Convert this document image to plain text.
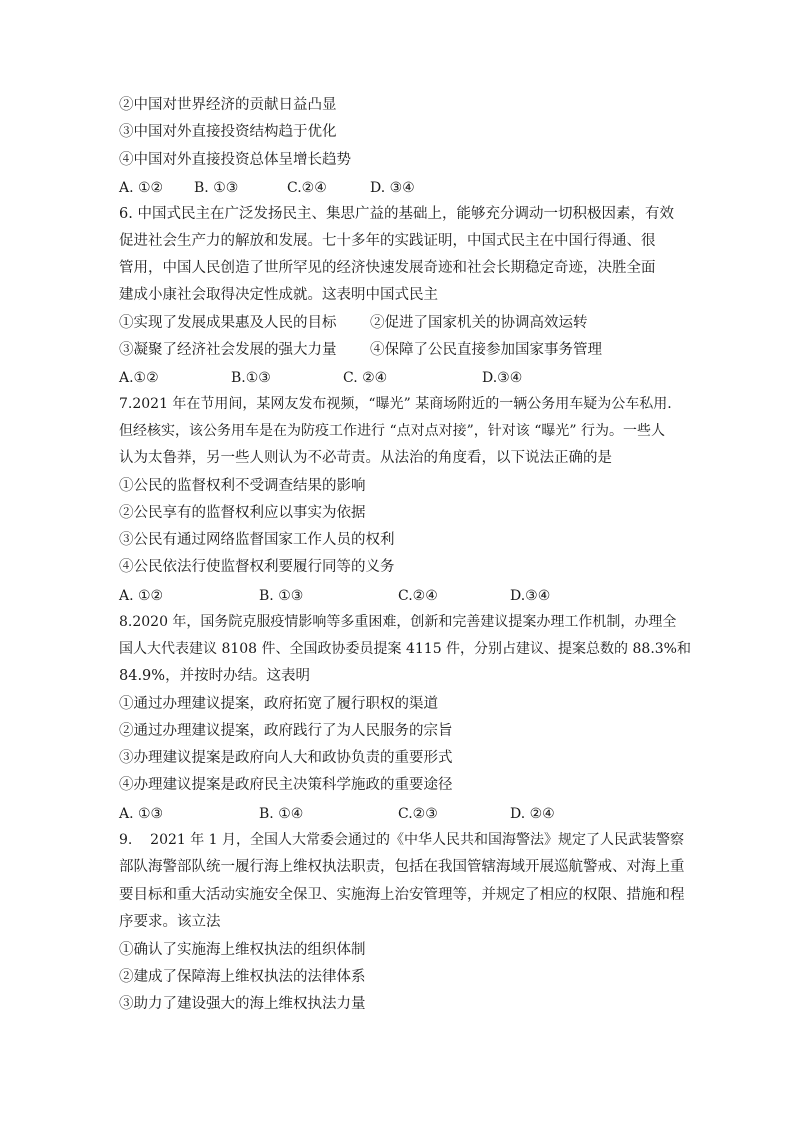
②中国对世界经济的贡献日益凸显
③中国对外直接投资结构趋于优化
④中国对外直接投资总体呈增长趋势
A. ①② B. ①③	C.②④	D. ③④
6. 中国式民主在广泛发扬民主、集思广益的基础上，能够充分调动一切积极因素，有效
促进社会生产力的解放和发展。七十多年的实践证明，中国式民主在中国行得通、很
管用，中国人民创造了世所罕见的经济快速发展奇迹和社会长期稳定奇迹，决胜全面
建成小康社会取得决定性成就。这表明中国式民主
①实现了发展成果惠及人民的目标 ②促进了国家机关的协调高效运转
③凝聚了经济社会发展的强大力量 ④保障了公民直接参加国家事务管理
A.①②	B.①③	C. ②④	D.③④
7.2021 年在节用间，某网友发布视频，“曝光” 某商场附近的一辆公务用车疑为公车私用.
但经核实，该公务用车是在为防疫工作进行 “点对点对接”，针对该 “曝光” 行为。一些人
认为太鲁莽，另一些人则认为不必苛责。从法治的角度看，以下说法正确的是
①公民的监督权利不受调查结果的影响
②公民享有的监督权利应以事实为依据
③公民有通过网络监督国家工作人员的权利
④公民依法行使监督权利要履行同等的义务
A. ①②	B. ①③	C.②④	D.③④
8.2020 年，国务院克服疫情影响等多重困难，创新和完善建议提案办理工作机制，办理全
国人大代表建议 8108 件、全国政协委员提案 4115 件，分别占建议、提案总数的 88.3%和
84.9%，并按时办结。这表明
①通过办理建议提案，政府拓宽了履行职权的渠道
②通过办理建议提案，政府践行了为人民服务的宗旨
③办理建议提案是政府向人大和政协负责的重要形式
④办理建议提案是政府民主决策科学施政的重要途径
A. ①③	B. ①④	C.②③	D. ②④
9.    2021 年 1 月，全国人大常委会通过的《中华人民共和国海警法》规定了人民武装警察
部队海警部队统一履行海上维权执法职责，包括在我国管辖海域开展巡航警戒、对海上重
要目标和重大活动实施安全保卫、实施海上治安管理等，并规定了相应的权限、措施和程
序要求。该立法
①确认了实施海上维权执法的组织体制
②建成了保障海上维权执法的法律体系
③助力了建设强大的海上维权执法力量
